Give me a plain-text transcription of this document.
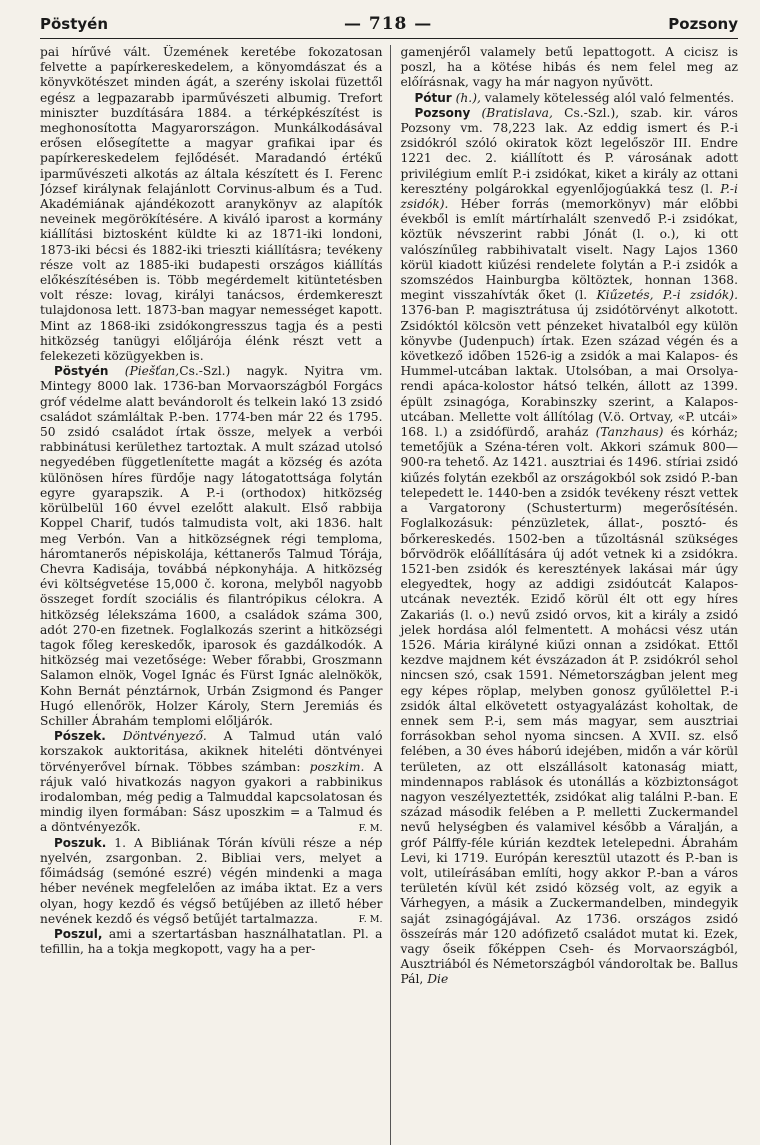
Pöstyén	— 718 —	Pozsony

pai hírűvé vált. Üzemének keretébe fokozatosan felvette a papírkereskedelem, a könyomdászat és a könyvkötészet minden ágát, a szerény iskolai füzettől egész a legpazarabb iparművészeti albumig. Trefort miniszter buzdítására 1884. a térképkészítést is meghonosította Magyarországon. Munkálkodásával erősen elősegítette a magyar grafikai ipar és papírkereskedelem fejlődését. Maradandó értékű iparművészeti alkotás az általa készített és I. Ferenc József királynak felajánlott Corvinus-album és a Tud. Akadémiának ajándékozott aranykönyv az alapítók neveinek megörökítésére. A kiváló iparost a kormány kiállítási biztosként küldte ki az 1871-iki londoni, 1873-iki bécsi és 1882-iki trieszti kiállításra; tevékeny része volt az 1885-iki budapesti országos kiállítás előkészítésében is. Több megérdemelt kitüntetésben volt része: lovag, királyi tanácsos, érdemkereszt tulajdonosa lett. 1873-ban magyar nemességet kapott. Mint az 1868-iki zsidókongresszus tagja és a pesti hitközség tanügyi előljárója élénk részt vett a felekezeti közügyekben is.

Pöstyén (Piešťan,Cs.-Szl.) nagyk. Nyitra vm. Mintegy 8000 lak. 1736-ban Morvaországból Forgács gróf védelme alatt bevándorolt és telkein lakó 13 zsidó családot számláltak P.-ben. 1774-ben már 22 és 1795. 50 zsidó családot írtak össze, melyek a verbói rabbinátusi kerülethez tartoztak. A mult század utolsó negyedében függetlenítette magát a község és azóta különösen híres fürdője nagy látogatottsága folytán egyre gyarapszik. A P.-i (orthodox) hitközség körülbelül 160 évvel ezelőtt alakult. Első rabbija Koppel Charif, tudós talmudista volt, aki 1836. halt meg Verbón. Van a hitközségnek régi temploma, háromtanerős népiskolája, kéttanerős Talmud Tórája, Chevra Kadisája, továbbá népkonyhája. A hitközség évi költségvetése 15,000 č. korona, melyből nagyobb összeget fordít szociális és filantrópikus célokra. A hitközség lélekszáma 1600, a családok száma 300, adót 270-en fizetnek. Foglalkozás szerint a hitközségi tagok főleg kereskedők, iparosok és gazdálkodók. A hitközség mai vezetősége: Weber főrabbi, Groszmann Salamon elnök, Vogel Ignác és Fürst Ignác alelnökök, Kohn Bernát pénztárnok, Urbán Zsigmond és Panger Hugó ellenőrök, Holzer Károly, Stern Jeremiás és Schiller Ábrahám templomi előljárók.

Pószek. Döntvényező. A Talmud után való korszakok auktoritása, akiknek hiteléti döntvényei törvényerővel bírnak. Többes számban: poszkim. A rájuk való hivatkozás nagyon gyakori a rabbinikus irodalomban, még pedig a Talmuddal kapcsolatosan és mindig ilyen formában: Sász uposzkim = a Talmud és a döntvényezők.	F. M.

Poszuk. 1. A Bibliának Tórán kívüli része a nép nyelvén, zsargonban. 2. Bibliai vers, melyet a főimádság (semóné eszré) végén mindenki a maga héber nevének megfelelően az imába iktat. Ez a vers olyan, hogy kezdő és végső betűjében az illető héber nevének kezdő és végső betűjét tartalmazza.	F. M.

Poszul, ami a szertartásban használhatatlan. Pl. a tefillin, ha a tokja megkopott, vagy ha a per-

gamenjéről valamely betű lepattogott. A cicisz is poszl, ha a kötése hibás és nem felel meg az előírásnak, vagy ha már nagyon nyűvött.

Pótur (h.), valamely kötelesség alól való felmentés.

Pozsony (Bratislava, Cs.-Szl.), szab. kir. város Pozsony vm. 78,223 lak. Az eddig ismert és P.-i zsidókról szóló okiratok közt legelőször III. Endre 1221 dec. 2. kiállított és P. városának adott privilégium említ P.-i zsidókat, kiket a király az ottani keresztény polgárokkal egyenlőjogúakká tesz (l. P.-i zsidók). Héber forrás (memorkönyv) már előbbi évekből is említ mártírhalált szenvedő P.-i zsidókat, köztük névszerint rabbi Jónát (l. o.), ki ott valószínűleg rabbihivatalt viselt. Nagy Lajos 1360 körül kiadott kiűzési rendelete folytán a P.-i zsidók a szomszédos Hainburgba költöztek, honnan 1368. megint visszahívták őket (l. Kiűzetés, P.-i zsidók). 1376-ban P. magisztrátusa új zsidótörvényt alkotott. Zsidóktól kölcsön vett pénzeket hivatalból egy külön könyvbe (Judenpuch) írtak. Ezen század végén és a következő időben 1526-ig a zsidók a mai Kalapos- és Hummel-utcában laktak. Utolsóban, a mai Orsolya-rendi apáca-kolostor hátsó telkén, állott az 1399. épült zsinagóga, Korabinszky szerint, a Kalapos-utcában. Mellette volt állítólag (V.ö. Ortvay, «P. utcái» 168. l.) a zsidófürdő, araház (Tanzhaus) és kórház; temetőjük a Széna-téren volt. Akkori számuk 800—900-ra tehető. Az 1421. ausztriai és 1496. stíriai zsidó kiűzés folytán ezekből az országokból sok zsidó P.-ban telepedett le. 1440-ben a zsidók tevékeny részt vettek a Vargatorony (Schusterturm) megerősítésén. Foglalkozásuk: pénzüzletek, állat-, posztó- és bőrkereskedés. 1502-ben a tűzoltásnál szükséges bőrvödrök előállítására új adót vetnek ki a zsidókra. 1521-ben zsidók és keresztények lakásai már úgy elegyedtek, hogy az addigi zsidóutcát Kalapos-utcának nevezték. Ezidő körül élt ott egy híres Zakariás (l. o.) nevű zsidó orvos, kit a király a zsidó jelek hordása alól felmentett. A mohácsi vész után 1526. Mária királyné kiűzi onnan a zsidókat. Ettől kezdve majdnem két évszázadon át P. zsidókról sehol nincsen szó, csak 1591. Németországban jelent meg egy képes röplap, melyben gonosz gyűlölettel P.-i zsidók által elkövetett ostyagyalázást koholtak, de ennek sem P.-i, sem más magyar, sem ausztriai forrásokban sehol nyoma sincsen. A XVII. sz. első felében, a 30 éves háború idejében, midőn a vár körül területen, az ott elszállásolt katonaság miatt, mindennapos rablások és utonállás a közbiztonságot nagyon veszélyeztették, zsidókat alig találni P.-ban. E század második felében a P. melletti Zuckermandel nevű helységben és valamivel később a Váralján, a gróf Pálffy-féle kúrián kezdtek letelepedni. Ábrahám Levi, ki 1719. Európán keresztül utazott és P.-ban is volt, utileírásában említi, hogy akkor P.-ban a város területén kívül két zsidó község volt, az egyik a Várhegyen, a másik a Zuckermandelben, mindegyik saját zsinagógájával. Az 1736. országos zsidó összeírás már 120 adófizető családot mutat ki. Ezek, vagy őseik főképpen Cseh- és Morvaországból, Ausztriából és Németországból vándoroltak be. Ballus Pál, Die
